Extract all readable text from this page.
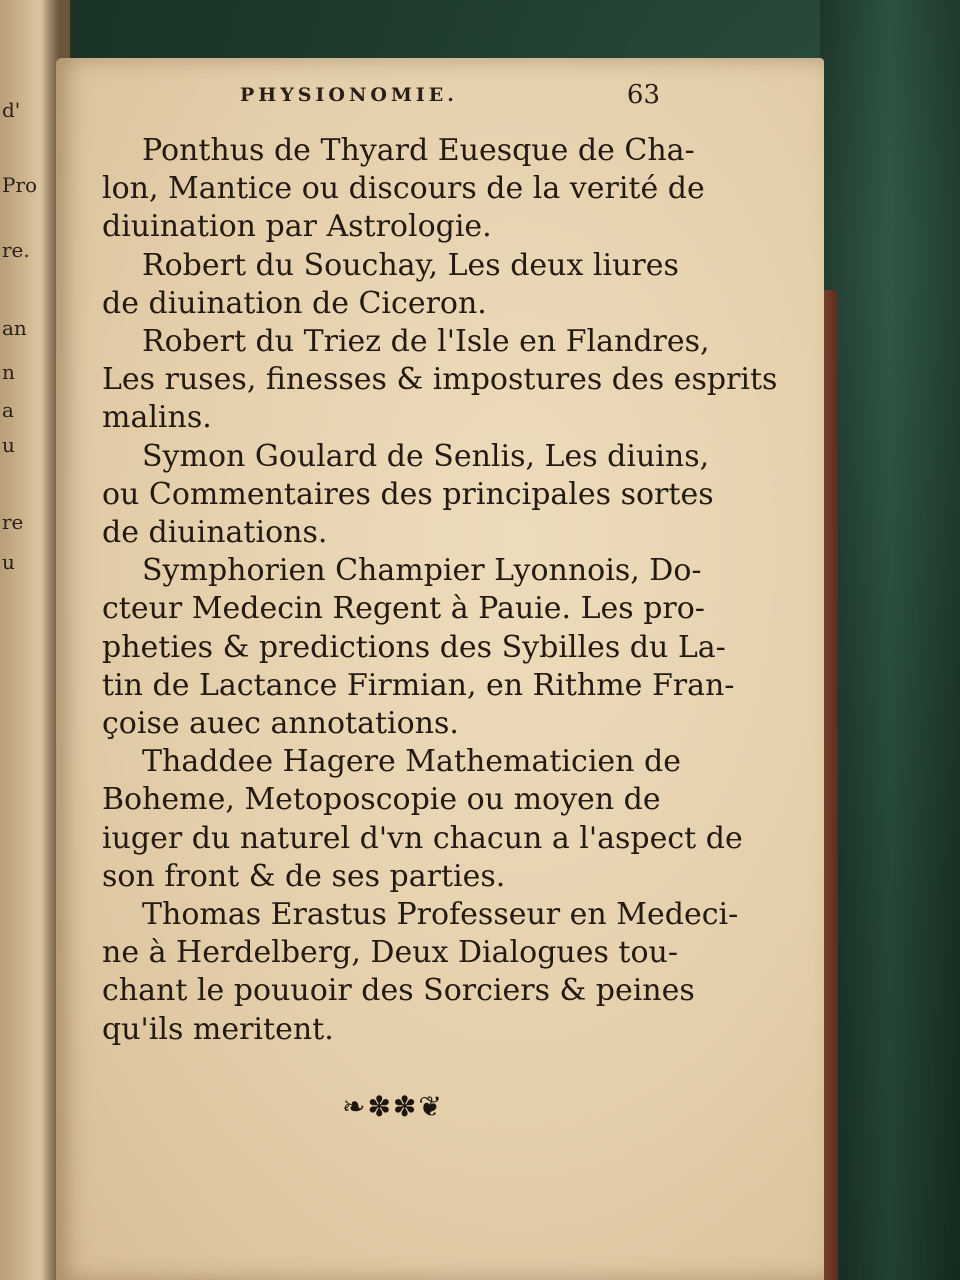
d'
Pro
re.
an
n
a
u
re
u
PHYSIONOMIE.	63

Ponthus de Thyard Euesque de Cha-
lon, Mantice ou discours de la verité de
diuination par Astrologie.

Robert du Souchay, Les deux liures
de diuination de Ciceron.

Robert du Triez de l'Isle en Flandres,
Les ruses, finesses & impostures des esprits
malins.

Symon Goulard de Senlis, Les diuins,
ou Commentaires des principales sortes
de diuinations.

Symphorien Champier Lyonnois, Do-
cteur Medecin Regent à Pauie. Les pro-
pheties & predictions des Sybilles du La-
tin de Lactance Firmian, en Rithme Fran-
çoise auec annotations.

Thaddee Hagere Mathematicien de
Boheme, Metoposcopie ou moyen de
iuger du naturel d'vn chacun a l'aspect de
son front & de ses parties.

Thomas Erastus Professeur en Medeci-
ne à Herdelberg, Deux Dialogues tou-
chant le pouuoir des Sorciers & peines
qu'ils meritent.

❧✽✽❦
